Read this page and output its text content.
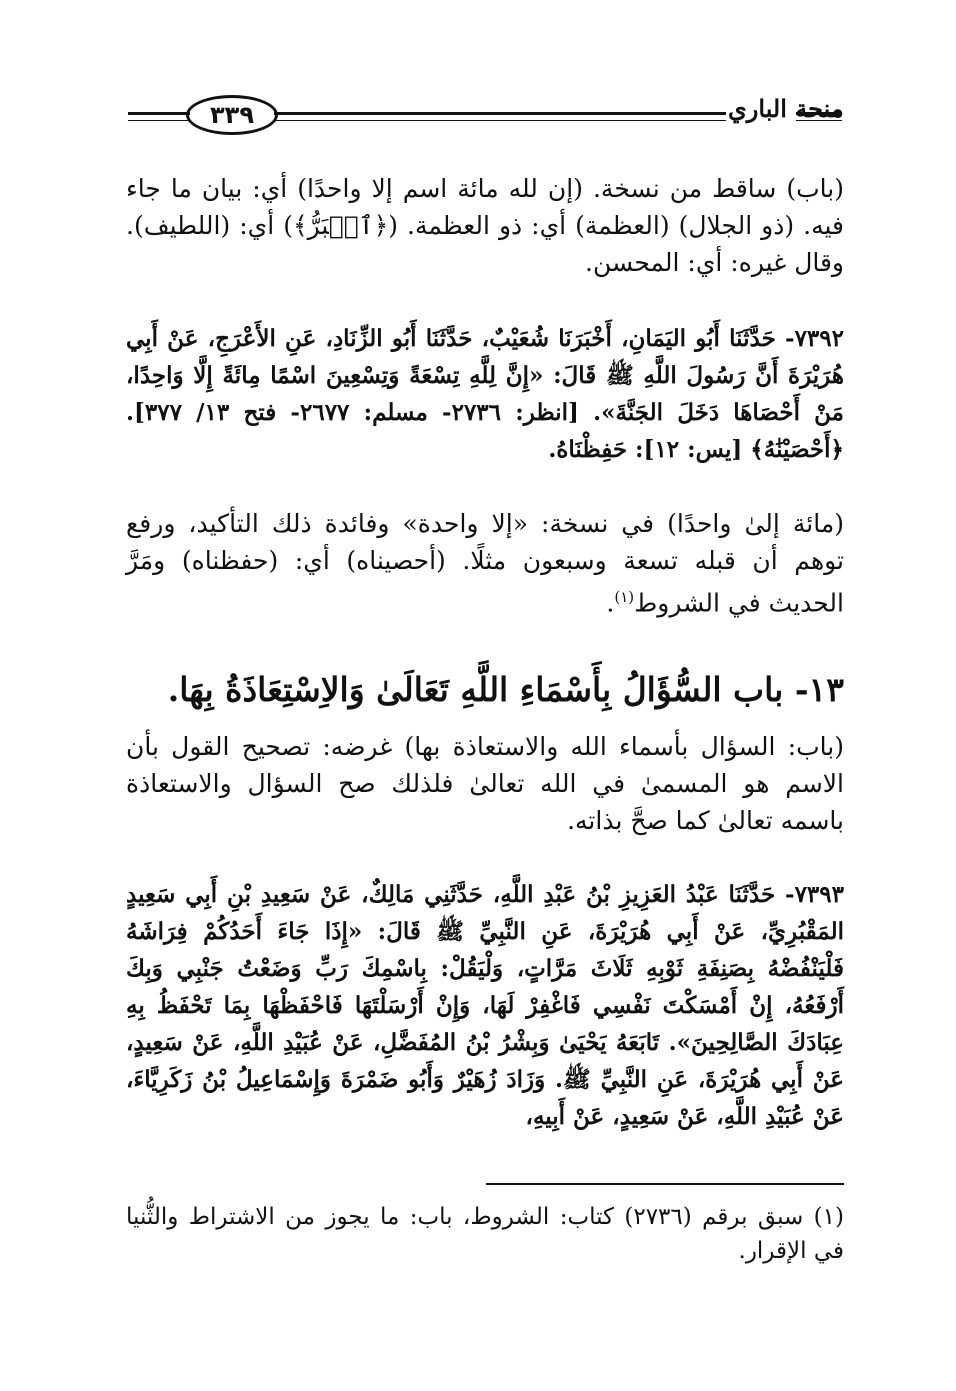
٣٣٩	منحة الباري
(باب) ساقط من نسخة. (إن لله مائة اسم إلا واحدًا) أي: بيان ما جاء فيه. (ذو الجلال) (العظمة) أي: ذو العظمة. (﴿ٱلۡبَرُّ﴾) أي: (اللطيف). وقال غيره: أي: المحسن.
٧٣٩٢- حَدَّثَنَا أَبُو اليَمَانِ، أَخْبَرَنَا شُعَيْبٌ، حَدَّثَنَا أَبُو الزِّنَادِ، عَنِ الأَعْرَجِ، عَنْ أَبِي هُرَيْرَةَ أَنَّ رَسُولَ اللَّهِ ﷺ قَالَ: «إِنَّ لِلَّهِ تِسْعَةً وَتِسْعِينَ اسْمًا مِائَةً إِلَّا وَاحِدًا، مَنْ أَحْصَاهَا دَخَلَ الجَنَّةَ». [انظر: ٢٧٣٦- مسلم: ٢٦٧٧- فتح ١٣/ ٣٧٧]. ﴿أَحْصَيْنَٰهُ﴾ [يس: ١٢]: حَفِظْنَاهُ.
(مائة إلىٰ واحدًا) في نسخة: «إلا واحدة» وفائدة ذلك التأكيد، ورفع توهم أن قبله تسعة وسبعون مثلًا. (أحصيناه) أي: (حفظناه) ومَرَّ الحديث في الشروط$^{(١)}$.
١٣- باب السُّؤَالُ بِأَسْمَاءِ اللَّهِ تَعَالَىٰ وَالاِسْتِعَاذَةُ بِهَا.
(باب: السؤال بأسماء الله والاستعاذة بها) غرضه: تصحيح القول بأن الاسم هو المسمىٰ في الله تعالىٰ فلذلك صح السؤال والاستعاذة باسمه تعالىٰ كما صحَّ بذاته.
٧٣٩٣- حَدَّثَنَا عَبْدُ العَزِيزِ بْنُ عَبْدِ اللَّهِ، حَدَّثَنِي مَالِكٌ، عَنْ سَعِيدِ بْنِ أَبِي سَعِيدٍ المَقْبُرِيِّ، عَنْ أَبِي هُرَيْرَةَ، عَنِ النَّبِيِّ ﷺ قَالَ: «إِذَا جَاءَ أَحَدُكُمْ فِرَاشَهُ فَلْيَنْفُضْهُ بِصَنِفَةِ ثَوْبِهِ ثَلَاثَ مَرَّاتٍ، وَلْيَقُلْ: بِاسْمِكَ رَبِّ وَضَعْتُ جَنْبِي وَبِكَ أَرْفَعُهُ، إِنْ أَمْسَكْتَ نَفْسِي فَاغْفِرْ لَهَا، وَإِنْ أَرْسَلْتَهَا فَاحْفَظْهَا بِمَا تَحْفَظُ بِهِ عِبَادَكَ الصَّالِحِينَ». تَابَعَهُ يَحْيَىٰ وَبِشْرُ بْنُ المُفَضَّلِ، عَنْ عُبَيْدِ اللَّهِ، عَنْ سَعِيدٍ، عَنْ أَبِي هُرَيْرَةَ، عَنِ النَّبِيِّ ﷺ. وَزَادَ زُهَيْرٌ وَأَبُو ضَمْرَةَ وَإِسْمَاعِيلُ بْنُ زَكَرِيَّاءَ، عَنْ عُبَيْدِ اللَّهِ، عَنْ سَعِيدٍ، عَنْ أَبِيهِ،
(١) سبق برقم (٢٧٣٦) كتاب: الشروط، باب: ما يجوز من الاشتراط والثُّنيا في الإقرار.
